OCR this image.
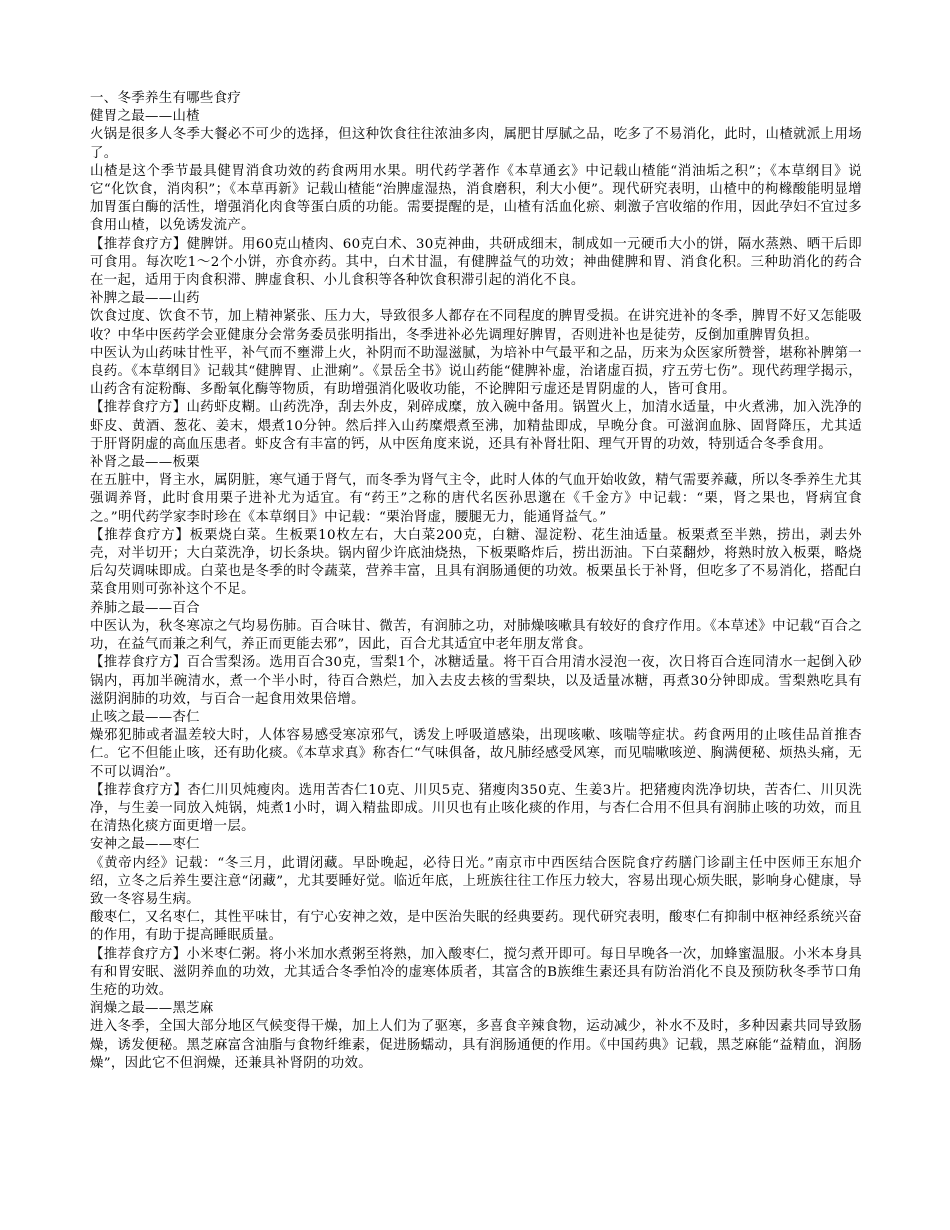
一、冬季养生有哪些食疗

健胃之最——山楂

火锅是很多人冬季大餐必不可少的选择，但这种饮食往往浓油多肉，属肥甘厚腻之品，吃多了不易消化，此时，山楂就派上用场了。

山楂是这个季节最具健胃消食功效的药食两用水果。明代药学著作《本草通玄》中记载山楂能“消油垢之积”；《本草纲目》说它“化饮食，消肉积”；《本草再新》记载山楂能“治脾虚湿热，消食磨积，利大小便”。现代研究表明，山楂中的枸橼酸能明显增加胃蛋白酶的活性，增强消化肉食等蛋白质的功能。需要提醒的是，山楂有活血化瘀、刺激子宫收缩的作用，因此孕妇不宜过多食用山楂，以免诱发流产。

【推荐食疗方】健脾饼。用60克山楂肉、60克白术、30克神曲，共研成细末，制成如一元硬币大小的饼，隔水蒸熟、晒干后即可食用。每次吃1～2个小饼，亦食亦药。其中，白术甘温，有健脾益气的功效；神曲健脾和胃、消食化积。三种助消化的药合在一起，适用于肉食积滞、脾虚食积、小儿食积等各种饮食积滞引起的消化不良。

补脾之最——山药

饮食过度、饮食不节，加上精神紧张、压力大，导致很多人都存在不同程度的脾胃受损。在讲究进补的冬季，脾胃不好又怎能吸收？中华中医药学会亚健康分会常务委员张明指出，冬季进补必先调理好脾胃，否则进补也是徒劳，反倒加重脾胃负担。

中医认为山药味甘性平，补气而不壅滞上火，补阴而不助湿滋腻，为培补中气最平和之品，历来为众医家所赞誉，堪称补脾第一良药。《本草纲目》记载其“健脾胃、止泄痢”。《景岳全书》说山药能“健脾补虚，治诸虚百损，疗五劳七伤”。现代药理学揭示，山药含有淀粉酶、多酚氧化酶等物质，有助增强消化吸收功能，不论脾阳亏虚还是胃阴虚的人，皆可食用。

【推荐食疗方】山药虾皮糊。山药洗净，刮去外皮，剁碎成糜，放入碗中备用。锅置火上，加清水适量，中火煮沸，加入洗净的虾皮、黄酒、葱花、姜末，煨煮10分钟。然后拌入山药糜煨煮至沸，加精盐即成，早晚分食。可滋润血脉、固肾降压，尤其适于肝肾阴虚的高血压患者。虾皮含有丰富的钙，从中医角度来说，还具有补肾壮阳、理气开胃的功效，特别适合冬季食用。

补肾之最——板栗

在五脏中，肾主水，属阴脏，寒气通于肾气，而冬季为肾气主令，此时人体的气血开始收敛，精气需要养藏，所以冬季养生尤其强调养肾，此时食用栗子进补尤为适宜。有“药王”之称的唐代名医孙思邈在《千金方》中记载：“栗，肾之果也，肾病宜食之。”明代药学家李时珍在《本草纲目》中记载：“栗治肾虚，腰腿无力，能通肾益气。”

【推荐食疗方】板栗烧白菜。生板栗10枚左右，大白菜200克，白糖、湿淀粉、花生油适量。板栗煮至半熟，捞出，剥去外壳，对半切开；大白菜洗净，切长条块。锅内留少许底油烧热，下板栗略炸后，捞出沥油。下白菜翻炒，将熟时放入板栗，略烧后勾芡调味即成。白菜也是冬季的时令蔬菜，营养丰富，且具有润肠通便的功效。板栗虽长于补肾，但吃多了不易消化，搭配白菜食用则可弥补这个不足。

养肺之最——百合

中医认为，秋冬寒凉之气均易伤肺。百合味甘、微苦，有润肺之功，对肺燥咳嗽具有较好的食疗作用。《本草述》中记载“百合之功，在益气而兼之利气，养正而更能去邪”，因此，百合尤其适宜中老年朋友常食。

【推荐食疗方】百合雪梨汤。选用百合30克，雪梨1个，冰糖适量。将干百合用清水浸泡一夜，次日将百合连同清水一起倒入砂锅内，再加半碗清水，煮一个半小时，待百合熟烂，加入去皮去核的雪梨块，以及适量冰糖，再煮30分钟即成。雪梨熟吃具有滋阴润肺的功效，与百合一起食用效果倍增。

止咳之最——杏仁

燥邪犯肺或者温差较大时，人体容易感受寒凉邪气，诱发上呼吸道感染，出现咳嗽、咳喘等症状。药食两用的止咳佳品首推杏仁。它不但能止咳，还有助化痰。《本草求真》称杏仁“气味俱备，故凡肺经感受风寒，而见喘嗽咳逆、胸满便秘、烦热头痛，无不可以调治”。

【推荐食疗方】杏仁川贝炖瘦肉。选用苦杏仁10克、川贝5克、猪瘦肉350克、生姜3片。把猪瘦肉洗净切块，苦杏仁、川贝洗净，与生姜一同放入炖锅，炖煮1小时，调入精盐即成。川贝也有止咳化痰的作用，与杏仁合用不但具有润肺止咳的功效，而且在清热化痰方面更增一层。

安神之最——枣仁

《黄帝内经》记载：“冬三月，此谓闭藏。早卧晚起，必待日光。”南京市中西医结合医院食疗药膳门诊副主任中医师王东旭介绍，立冬之后养生要注意“闭藏”，尤其要睡好觉。临近年底，上班族往往工作压力较大，容易出现心烦失眠，影响身心健康，导致一冬容易生病。

酸枣仁，又名枣仁，其性平味甘，有宁心安神之效，是中医治失眠的经典要药。现代研究表明，酸枣仁有抑制中枢神经系统兴奋的作用，有助于提高睡眠质量。

【推荐食疗方】小米枣仁粥。将小米加水煮粥至将熟，加入酸枣仁，搅匀煮开即可。每日早晚各一次，加蜂蜜温服。小米本身具有和胃安眠、滋阴养血的功效，尤其适合冬季怕冷的虚寒体质者，其富含的B族维生素还具有防治消化不良及预防秋冬季节口角生疮的功效。

润燥之最——黑芝麻

进入冬季，全国大部分地区气候变得干燥，加上人们为了驱寒，多喜食辛辣食物，运动减少，补水不及时，多种因素共同导致肠燥，诱发便秘。黑芝麻富含油脂与食物纤维素，促进肠蠕动，具有润肠通便的作用。《中国药典》记载，黑芝麻能“益精血，润肠燥”，因此它不但润燥，还兼具补肾阴的功效。
